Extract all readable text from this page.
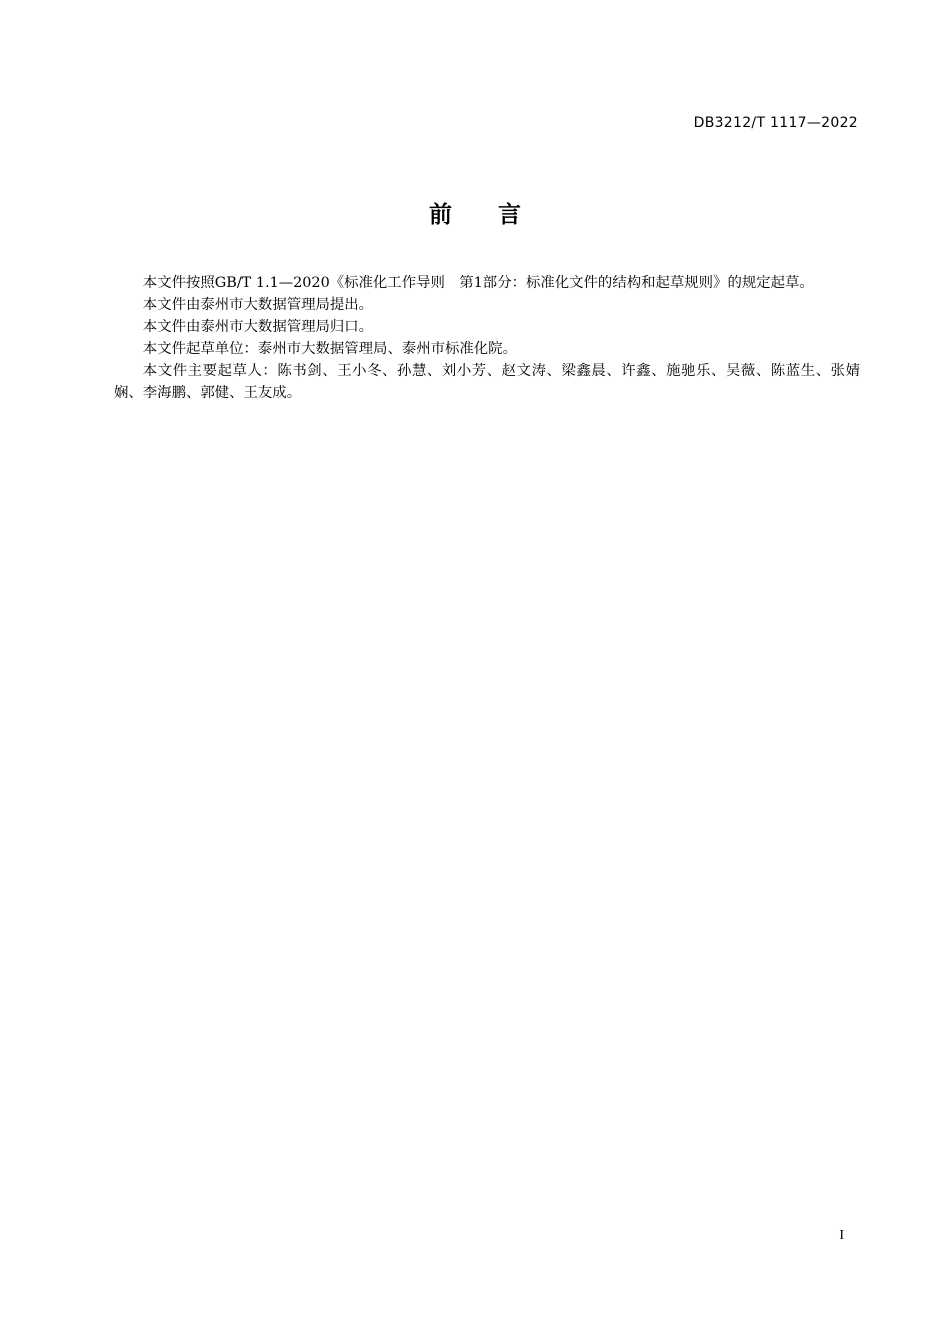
DB3212/T 1117—2022
前言

本文件按照GB/T 1.1—2020《标准化工作导则　第1部分：标准化文件的结构和起草规则》的规定起草。

本文件由泰州市大数据管理局提出。

本文件由泰州市大数据管理局归口。

本文件起草单位：泰州市大数据管理局、泰州市标准化院。

本文件主要起草人：陈书剑、王小冬、孙慧、刘小芳、赵文涛、梁鑫晨、许鑫、施驰乐、吴薇、陈蓝生、张婧娴、李海鹏、郭健、王友成。

I
